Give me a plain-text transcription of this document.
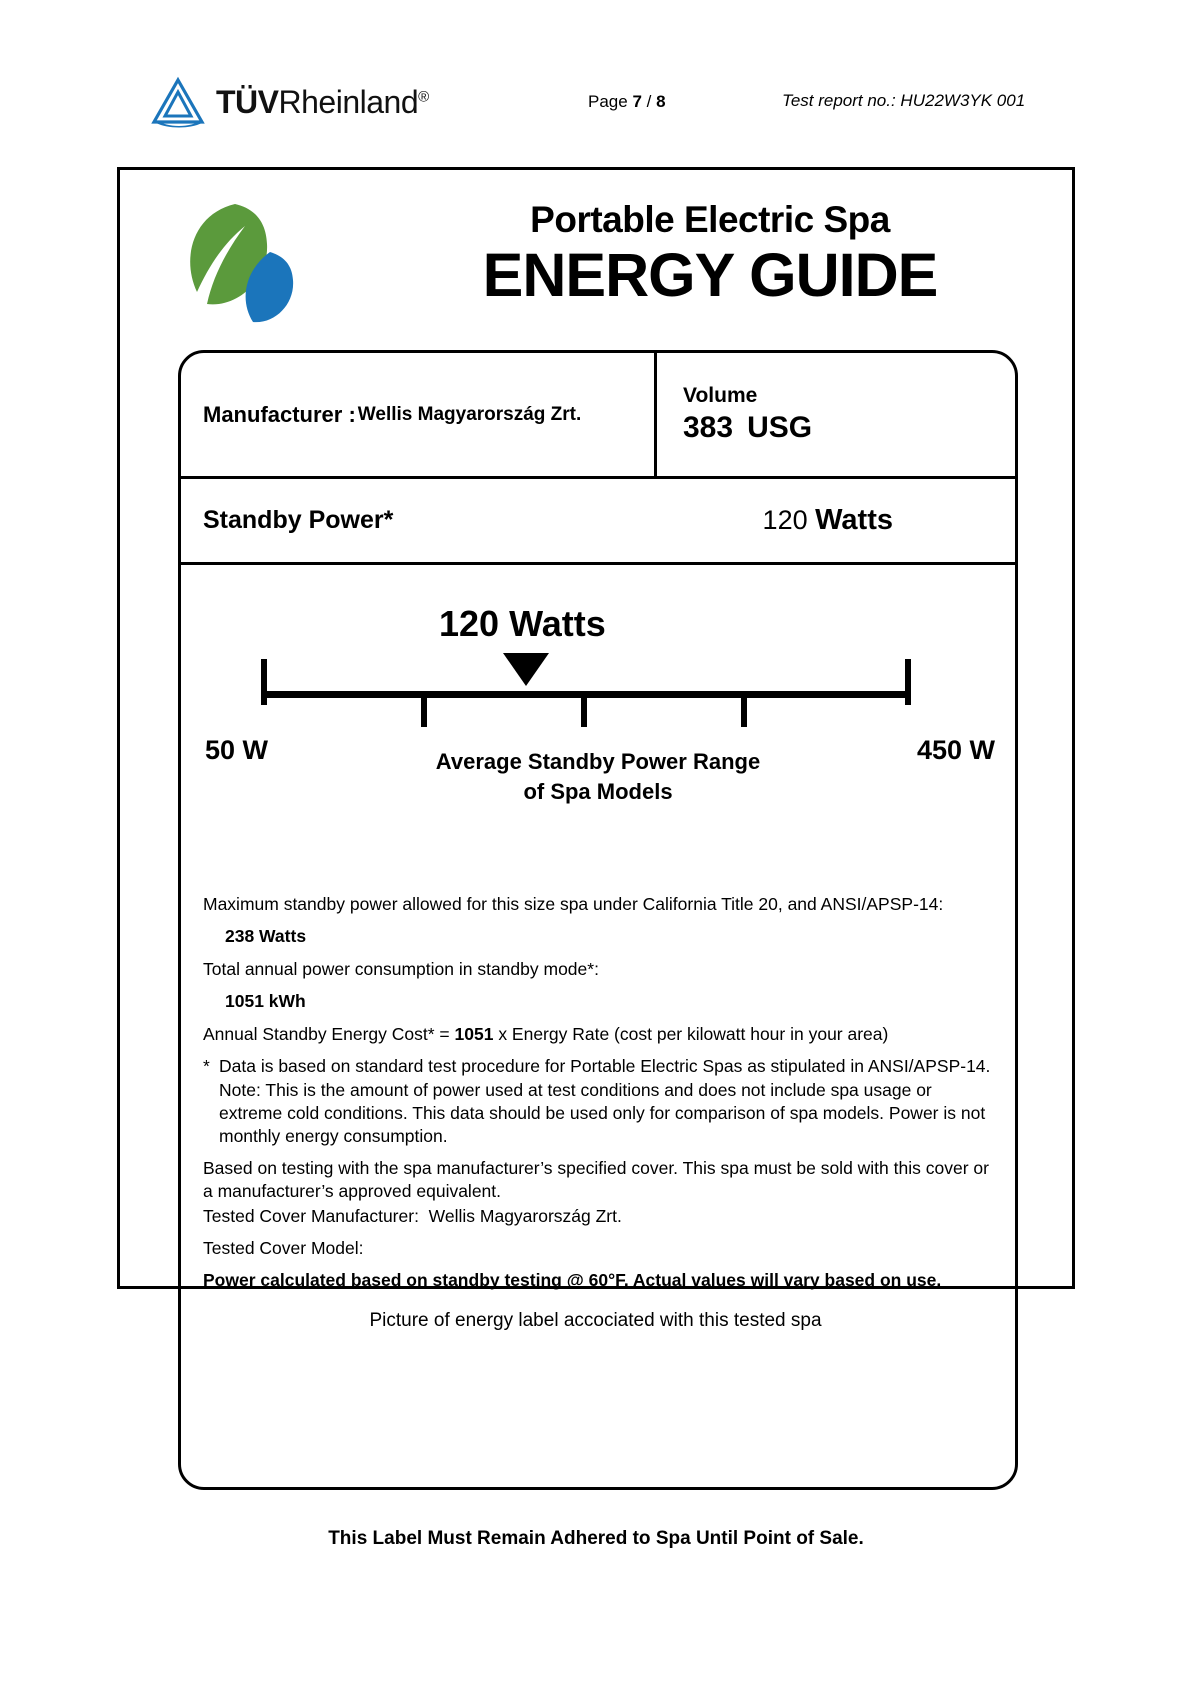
TÜVRheinland®	Page 7 / 8	Test report no.: HU22W3YK 001
Portable Electric Spa
ENERGY GUIDE
Manufacturer : Wellis Magyarország Zrt.
Volume
383 USG
Standby Power*	120 Watts
120 Watts
50 W	450 W
Average Standby Power Range
of Spa Models

Maximum standby power allowed for this size spa under California Title 20, and ANSI/APSP-14:

238 Watts

Total annual power consumption in standby mode*:

1051 kWh

Annual Standby Energy Cost* = 1051 x Energy Rate (cost per kilowatt hour in your area)

* Data is based on standard test procedure for Portable Electric Spas as stipulated in ANSI/APSP-14. Note: This is the amount of power used at test conditions and does not include spa usage or extreme cold conditions. This data should be used only for comparison of spa models. Power is not monthly energy consumption.

Based on testing with the spa manufacturer’s specified cover. This spa must be sold with this cover or a manufacturer’s approved equivalent.

Tested Cover Manufacturer: Wellis Magyarország Zrt.

Tested Cover Model:

Power calculated based on standby testing @ 60°F. Actual values will vary based on use.

This Label Must Remain Adhered to Spa Until Point of Sale.
Picture of energy label accociated with this tested spa
